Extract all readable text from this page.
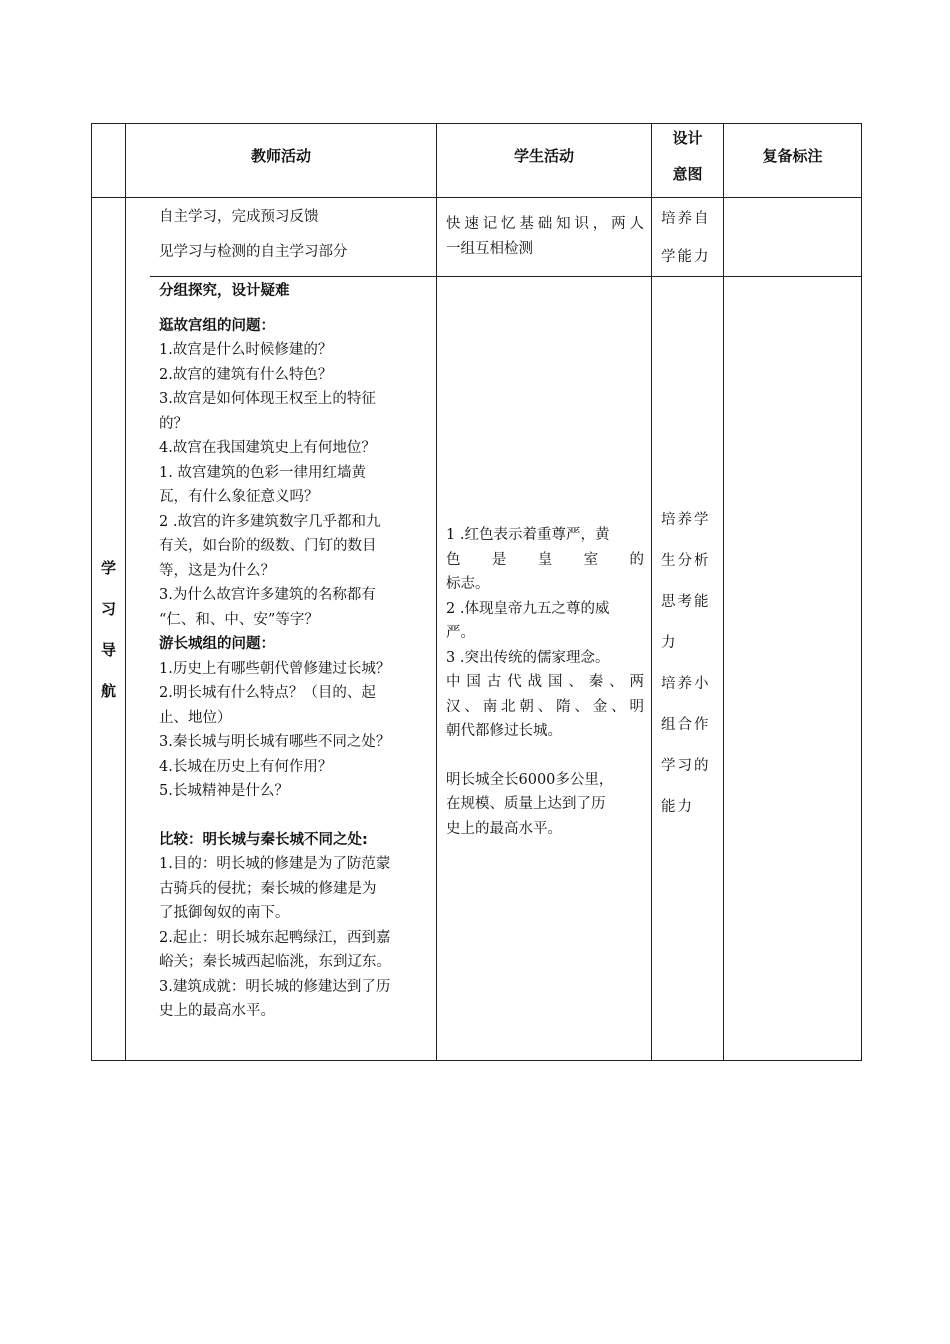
教师活动	学生活动
设计
意图
复备标注
学
习
导
航
自主学习，完成预习反馈
见学习与检测的自主学习部分
快速记忆基础知识，两人
一组互相检测
培养自
学能力
分组探究，设计疑难
逛故宫组的问题：
1.故宫是什么时候修建的？
2.故宫的建筑有什么特色？
3.故宫是如何体现王权至上的特征
的？
4.故宫在我国建筑史上有何地位？
1. 故宫建筑的色彩一律用红墙黄
瓦，有什么象征意义吗？
2 .故宫的许多建筑数字几乎都和九
有关，如台阶的级数、门钉的数目
等，这是为什么？
3.为什么故宫许多建筑的名称都有
“仁、和、中、安”等字？
游长城组的问题：
1.历史上有哪些朝代曾修建过长城？
2.明长城有什么特点？（目的、起
止、地位）
3.秦长城与明长城有哪些不同之处？
4.长城在历史上有何作用？
5.长城精神是什么？
比较：明长城与秦长城不同之处:
1.目的：明长城的修建是为了防范蒙
古骑兵的侵扰；秦长城的修建是为
了抵御匈奴的南下。
2.起止：明长城东起鸭绿江，西到嘉
峪关；秦长城西起临洮，东到辽东。
3.建筑成就：明长城的修建达到了历
史上的最高水平。
1 .红色表示着重尊严，黄
色 是 皇 室 的
标志。
2 .体现皇帝九五之尊的威
严。
3 .突出传统的儒家理念。
中国古代战国、秦、两
汉、南北朝、隋、金、明
朝代都修过长城。
明长城全长6000多公里，
在规模、质量上达到了历
史上的最高水平。
培养学
生分析
思考能
力
培养小
组合作
学习的
能力
